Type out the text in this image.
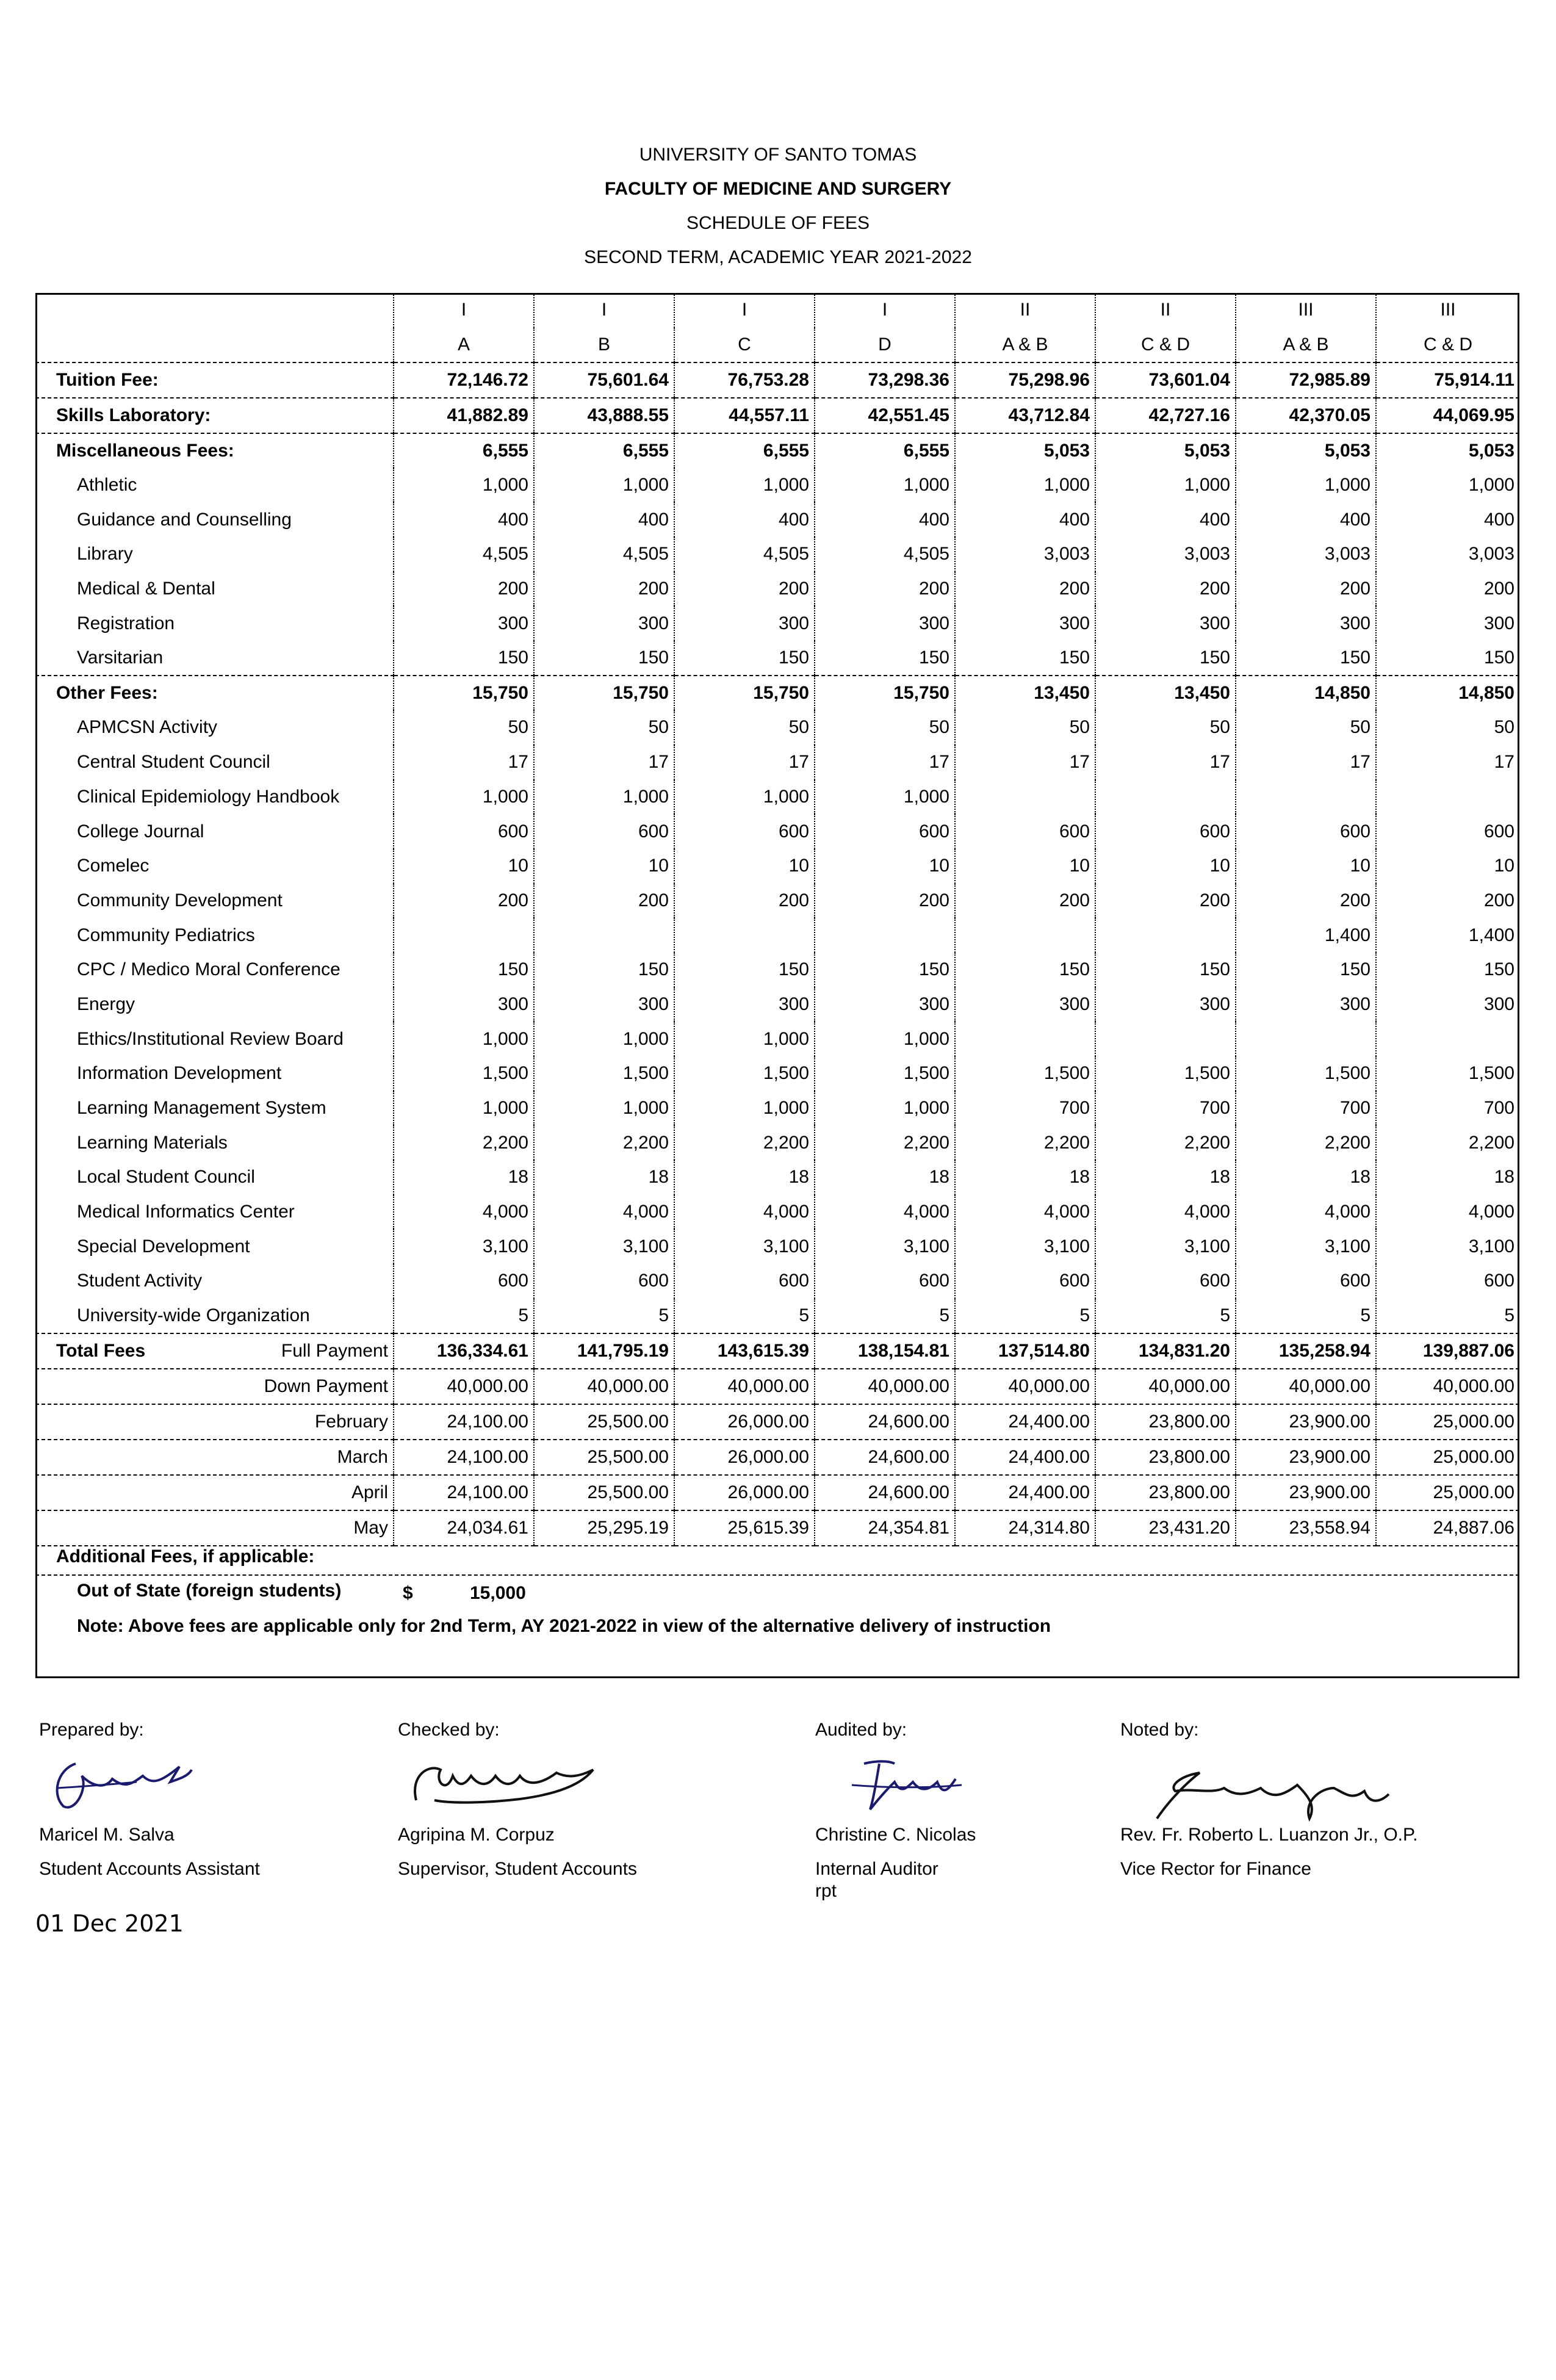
UNIVERSITY OF SANTO TOMAS
FACULTY OF MEDICINE AND SURGERY
SCHEDULE OF FEES
SECOND TERM, ACADEMIC YEAR 2021-2022
	I	I	I	I	II	II	III	III
	A	B	C	D	A & B	C & D	A & B	C & D
Tuition Fee:	72,146.72	75,601.64	76,753.28	73,298.36	75,298.96	73,601.04	72,985.89	75,914.11
Skills Laboratory:	41,882.89	43,888.55	44,557.11	42,551.45	43,712.84	42,727.16	42,370.05	44,069.95
Miscellaneous Fees:	6,555	6,555	6,555	6,555	5,053	5,053	5,053	5,053
Athletic	1,000	1,000	1,000	1,000	1,000	1,000	1,000	1,000
Guidance and Counselling	400	400	400	400	400	400	400	400
Library	4,505	4,505	4,505	4,505	3,003	3,003	3,003	3,003
Medical & Dental	200	200	200	200	200	200	200	200
Registration	300	300	300	300	300	300	300	300
Varsitarian	150	150	150	150	150	150	150	150
Other Fees:	15,750	15,750	15,750	15,750	13,450	13,450	14,850	14,850
APMCSN Activity	50	50	50	50	50	50	50	50
Central Student Council	17	17	17	17	17	17	17	17
Clinical Epidemiology Handbook	1,000	1,000	1,000	1,000				
College Journal	600	600	600	600	600	600	600	600
Comelec	10	10	10	10	10	10	10	10
Community Development	200	200	200	200	200	200	200	200
Community Pediatrics							1,400	1,400
CPC / Medico Moral Conference	150	150	150	150	150	150	150	150
Energy	300	300	300	300	300	300	300	300
Ethics/Institutional Review Board	1,000	1,000	1,000	1,000				
Information Development	1,500	1,500	1,500	1,500	1,500	1,500	1,500	1,500
Learning Management System	1,000	1,000	1,000	1,000	700	700	700	700
Learning Materials	2,200	2,200	2,200	2,200	2,200	2,200	2,200	2,200
Local Student Council	18	18	18	18	18	18	18	18
Medical Informatics Center	4,000	4,000	4,000	4,000	4,000	4,000	4,000	4,000
Special Development	3,100	3,100	3,100	3,100	3,100	3,100	3,100	3,100
Student Activity	600	600	600	600	600	600	600	600
University-wide Organization	5	5	5	5	5	5	5	5

Total Fees Full Payment	136,334.61	141,795.19	143,615.39	138,154.81	137,514.80	134,831.20	135,258.94	139,887.06
Down Payment	40,000.00	40,000.00	40,000.00	40,000.00	40,000.00	40,000.00	40,000.00	40,000.00
February	24,100.00	25,500.00	26,000.00	24,600.00	24,400.00	23,800.00	23,900.00	25,000.00
March	24,100.00	25,500.00	26,000.00	24,600.00	24,400.00	23,800.00	23,900.00	25,000.00
April	24,100.00	25,500.00	26,000.00	24,600.00	24,400.00	23,800.00	23,900.00	25,000.00
May	24,034.61	25,295.19	25,615.39	24,354.81	24,314.80	23,431.20	23,558.94	24,887.06

Additional Fees, if applicable:
Out of State (foreign students)	$	15,000
Note: Above fees are applicable only for 2nd Term, AY 2021-2022 in view of the alternative delivery of instruction
Prepared by:
Maricel M. Salva
Student Accounts Assistant
Checked by:
Agripina M. Corpuz
Supervisor, Student Accounts
Audited by:
Christine C. Nicolas
Internal Auditor
rpt
Noted by:
Rev. Fr. Roberto L. Luanzon Jr., O.P.
Vice Rector for Finance
01 Dec 2021
